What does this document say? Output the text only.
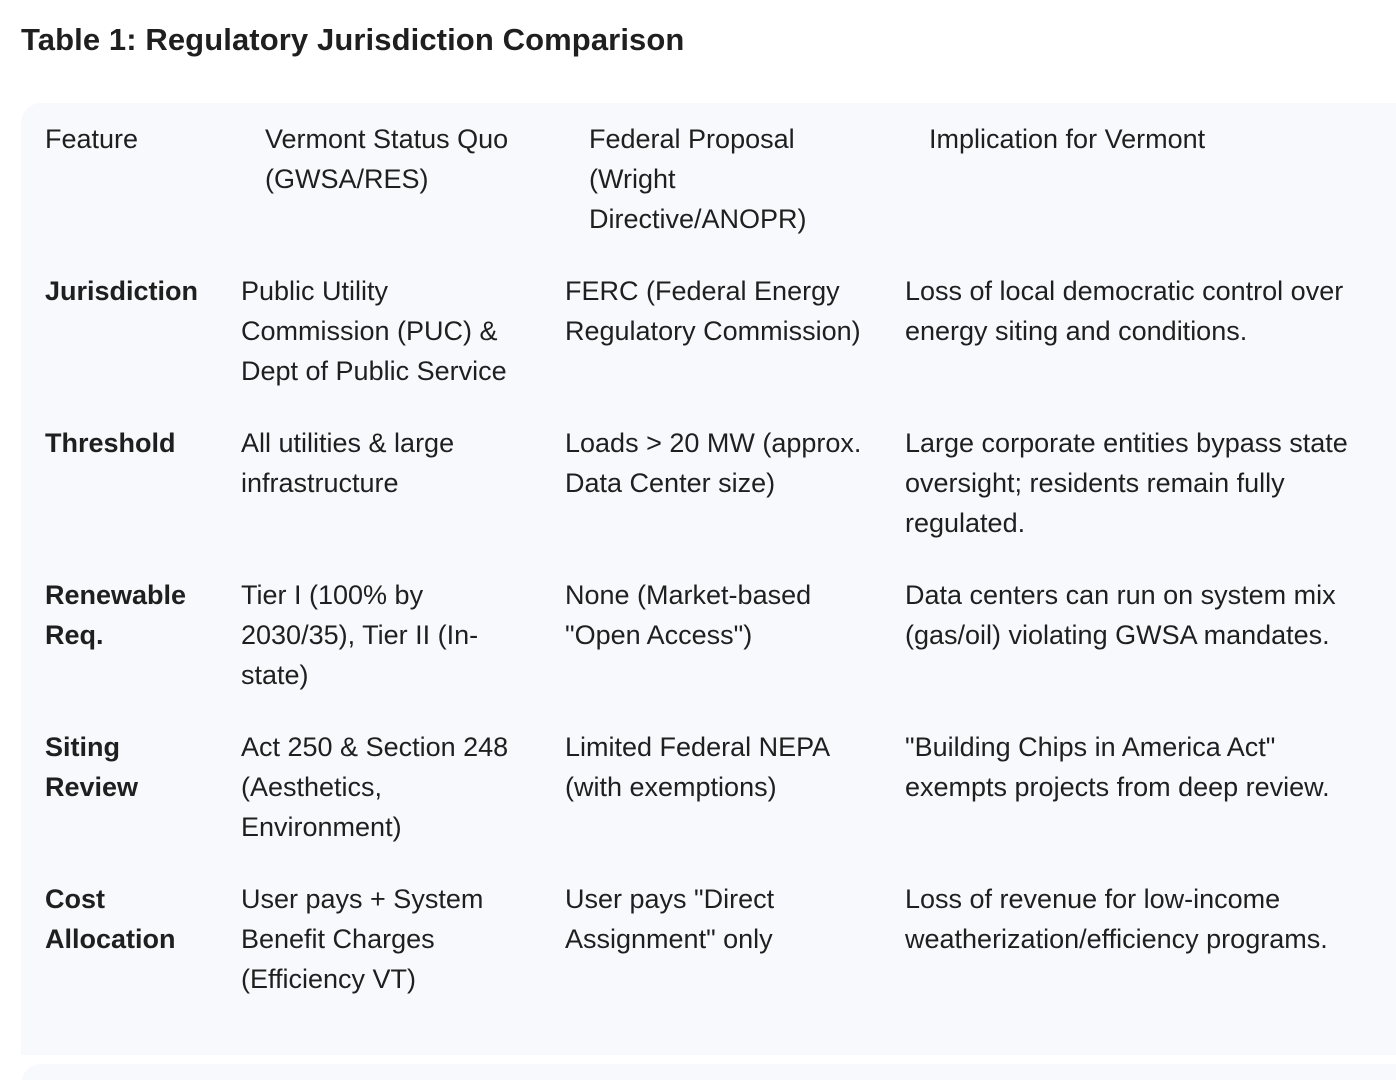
Table 1: Regulatory Jurisdiction Comparison
Feature	Vermont Status Quo (GWSA/RES)	Federal Proposal (Wright Directive/ANOPR)	Implication for Vermont

Jurisdiction	Public Utility Commission (PUC) & Dept of Public Service	FERC (Federal Energy Regulatory Commission)	Loss of local democratic control over energy siting and conditions.

Threshold	All utilities & large infrastructure	Loads > 20 MW (approx. Data Center size)	Large corporate entities bypass state oversight; residents remain fully regulated.

Renewable Req.	Tier I (100% by 2030/35), Tier II (In-state)	None (Market-based "Open Access")	Data centers can run on system mix (gas/oil) violating GWSA mandates.

Siting Review	Act 250 & Section 248 (Aesthetics, Environment)	Limited Federal NEPA (with exemptions)	"Building Chips in America Act" exempts projects from deep review.

Cost Allocation	User pays + System Benefit Charges (Efficiency VT)	User pays "Direct Assignment" only	Loss of revenue for low-income weatherization/efficiency programs.
